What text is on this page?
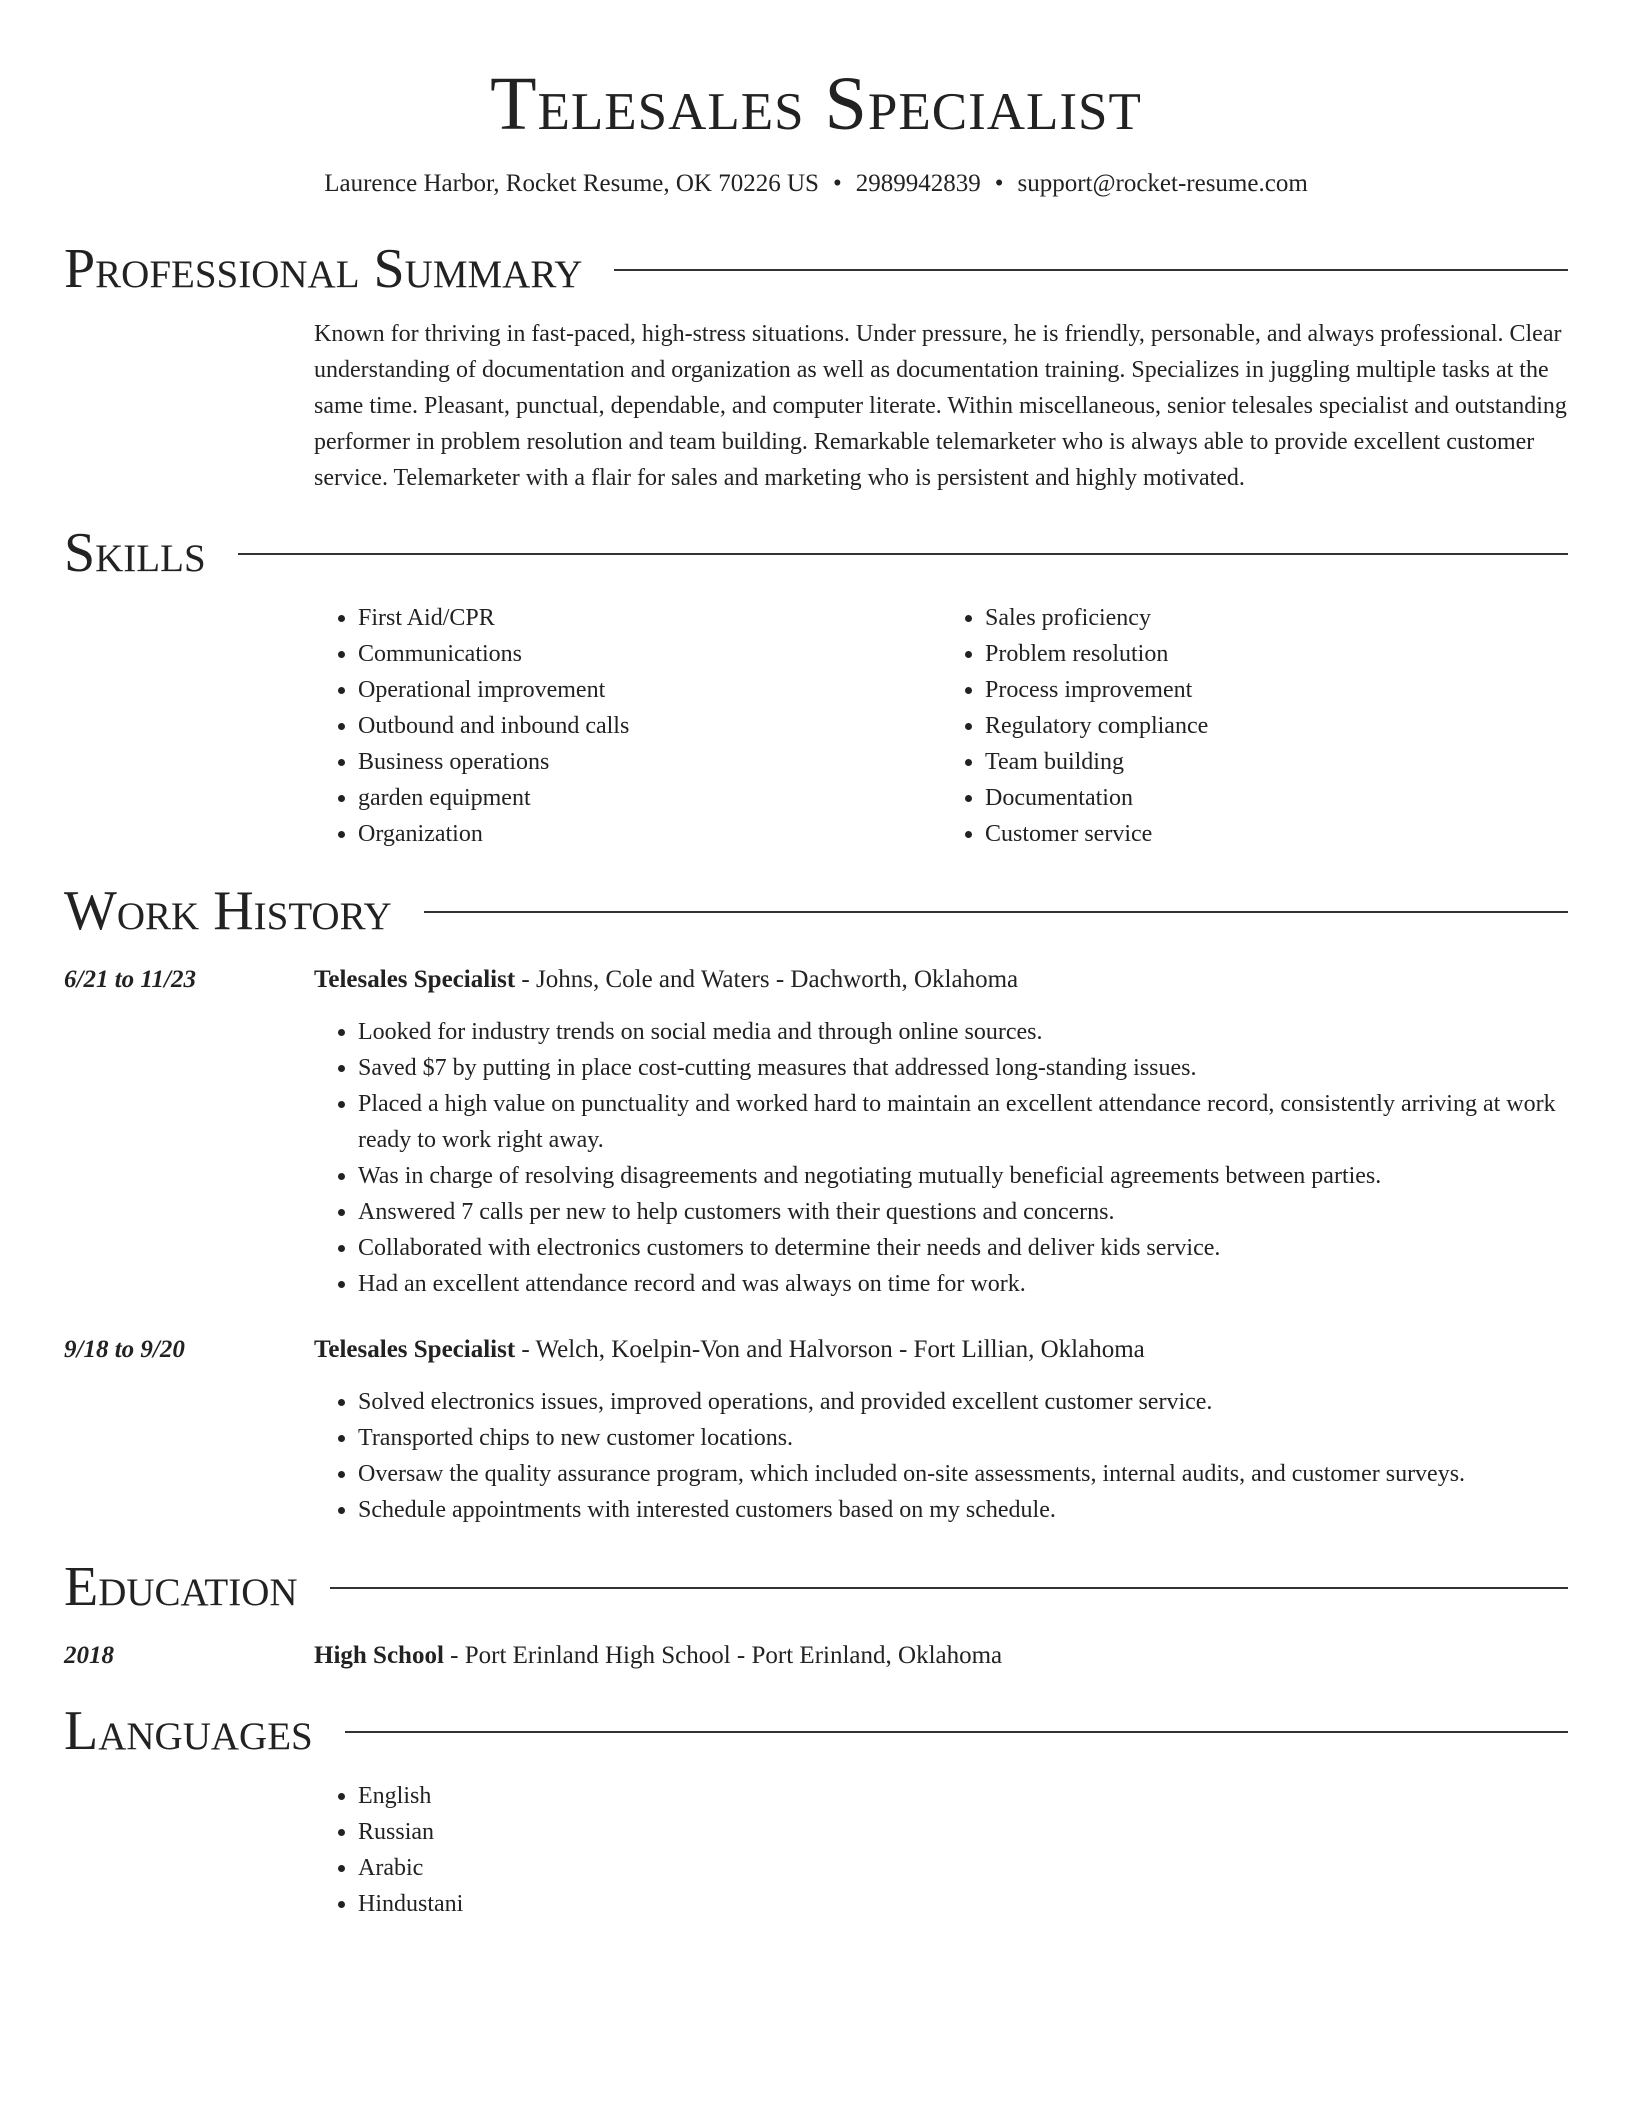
Telesales Specialist
Laurence Harbor, Rocket Resume, OK 70226 US • 2989942839 • support@rocket-resume.com
Professional Summary

Known for thriving in fast-paced, high-stress situations. Under pressure, he is friendly, personable, and always professional. Clear understanding of documentation and organization as well as documentation training. Specializes in juggling multiple tasks at the same time. Pleasant, punctual, dependable, and computer literate. Within miscellaneous, senior telesales specialist and outstanding performer in problem resolution and team building. Remarkable telemarketer who is always able to provide excellent customer service. Telemarketer with a flair for sales and marketing who is persistent and highly motivated.

Skills
• First Aid/CPR
• Communications
• Operational improvement
• Outbound and inbound calls
• Business operations
• garden equipment
• Organization
• Sales proficiency
• Problem resolution
• Process improvement
• Regulatory compliance
• Team building
• Documentation
• Customer service
Work History
6/21 to 11/23	Telesales Specialist - Johns, Cole and Waters - Dachworth, Oklahoma
• Looked for industry trends on social media and through online sources.
• Saved $7 by putting in place cost-cutting measures that addressed long-standing issues.
• Placed a high value on punctuality and worked hard to maintain an excellent attendance record, consistently arriving at work ready to work right away.
• Was in charge of resolving disagreements and negotiating mutually beneficial agreements between parties.
• Answered 7 calls per new to help customers with their questions and concerns.
• Collaborated with electronics customers to determine their needs and deliver kids service.
• Had an excellent attendance record and was always on time for work.
9/18 to 9/20	Telesales Specialist - Welch, Koelpin-Von and Halvorson - Fort Lillian, Oklahoma
• Solved electronics issues, improved operations, and provided excellent customer service.
• Transported chips to new customer locations.
• Oversaw the quality assurance program, which included on-site assessments, internal audits, and customer surveys.
• Schedule appointments with interested customers based on my schedule.
Education
2018	High School - Port Erinland High School - Port Erinland, Oklahoma
Languages
• English
• Russian
• Arabic
• Hindustani
